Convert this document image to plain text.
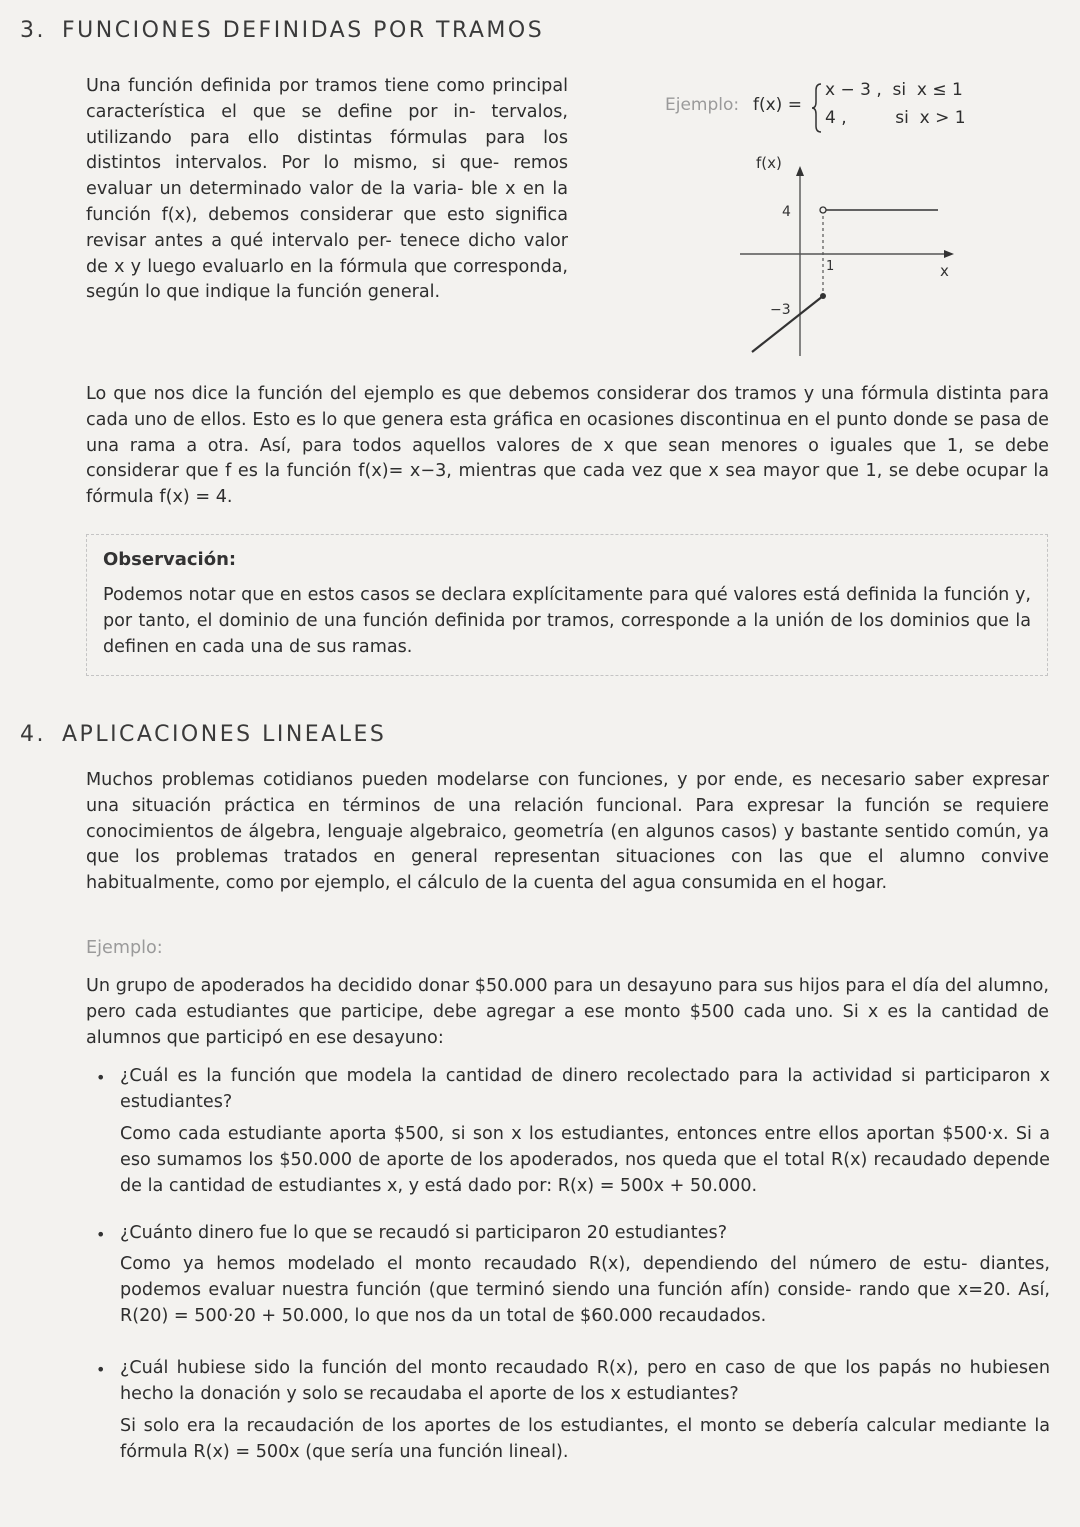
3. FUNCIONES DEFINIDAS POR TRAMOS
Una función definida por tramos tiene como principal característica el que se define por in- tervalos, utilizando para ello distintas fórmulas para los distintos intervalos. Por lo mismo, si que- remos evaluar un determinado valor de la varia- ble x en la función f(x), debemos considerar que esto significa revisar antes a qué intervalo per- tenece dicho valor de x y luego evaluarlo en la fórmula que corresponda, según lo que indique la función general.
Ejemplo: f(x) =
x − 3 ,  si  x ≤ 1
4 ,         si  x > 1
f(x)
x
4
−3
1
Lo que nos dice la función del ejemplo es que debemos considerar dos tramos y una fórmula distinta para cada uno de ellos. Esto es lo que genera esta gráfica en ocasiones discontinua en el punto donde se pasa de una rama a otra. Así, para todos aquellos valores de x que sean menores o iguales que 1, se debe considerar que f es la función f(x)= x−3, mientras que cada vez que x sea mayor que 1, se debe ocupar la fórmula f(x) = 4.
Observación:
Podemos notar que en estos casos se declara explícitamente para qué valores está definida la función y, por tanto, el dominio de una función definida por tramos, corresponde a la unión de los dominios que la definen en cada una de sus ramas.
4. APLICACIONES LINEALES
Muchos problemas cotidianos pueden modelarse con funciones, y por ende, es necesario saber expresar una situación práctica en términos de una relación funcional. Para expresar la función se requiere conocimientos de álgebra, lenguaje algebraico, geometría (en algunos casos) y bastante sentido común, ya que los problemas tratados en general representan situaciones con las que el alumno convive habitualmente, como por ejemplo, el cálculo de la cuenta del agua consumida en el hogar.
Ejemplo:
Un grupo de apoderados ha decidido donar $50.000 para un desayuno para sus hijos para el día del alumno, pero cada estudiantes que participe, debe agregar a ese monto $500 cada uno. Si x es la cantidad de alumnos que participó en ese desayuno:
• ¿Cuál es la función que modela la cantidad de dinero recolectado para la actividad si participaron x estudiantes?
Como cada estudiante aporta $500, si son x los estudiantes, entonces entre ellos aportan $500·x. Si a eso sumamos los $50.000 de aporte de los apoderados, nos queda que el total R(x) recaudado depende de la cantidad de estudiantes x, y está dado por: R(x) = 500x + 50.000.
• ¿Cuánto dinero fue lo que se recaudó si participaron 20 estudiantes?
Como ya hemos modelado el monto recaudado R(x), dependiendo del número de estu- diantes, podemos evaluar nuestra función (que terminó siendo una función afín) conside- rando que x=20. Así, R(20) = 500·20 + 50.000, lo que nos da un total de $60.000 recaudados.
• ¿Cuál hubiese sido la función del monto recaudado R(x), pero en caso de que los papás no hubiesen hecho la donación y solo se recaudaba el aporte de los x estudiantes?
Si solo era la recaudación de los aportes de los estudiantes, el monto se debería calcular mediante la fórmula R(x) = 500x (que sería una función lineal).
